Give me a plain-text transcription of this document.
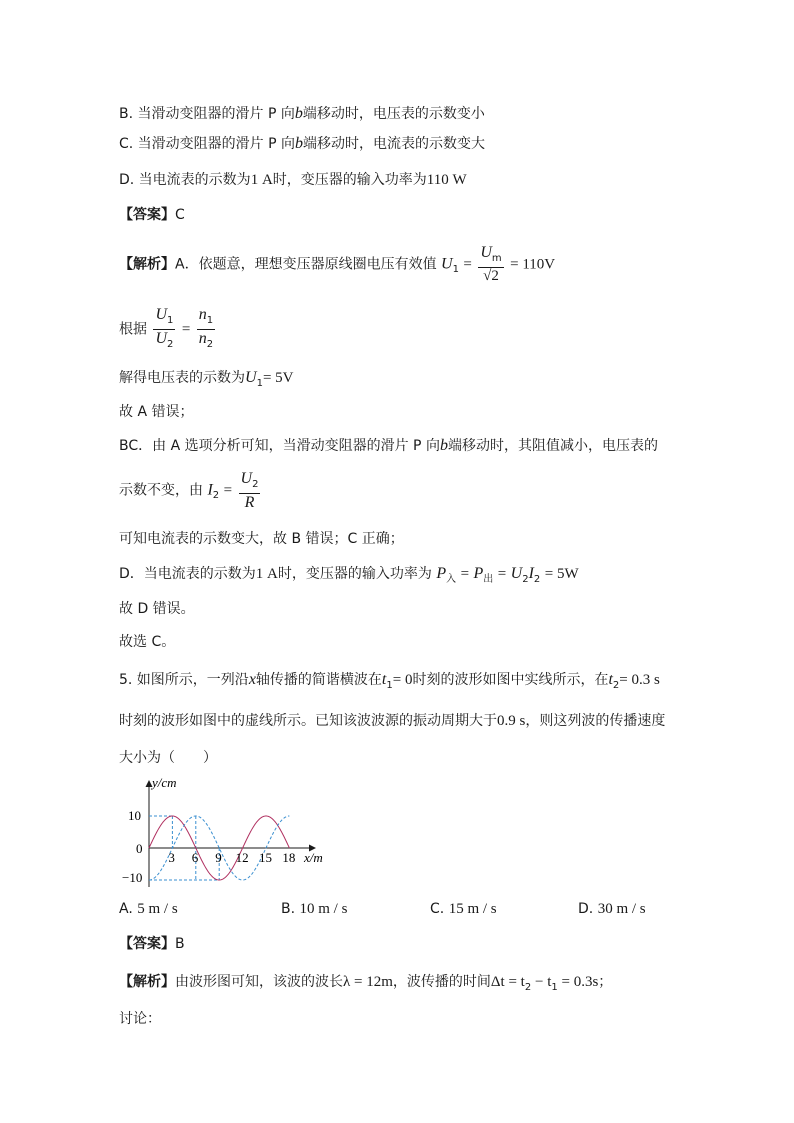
B. 当滑动变阻器的滑片 P 向b端移动时，电压表的示数变小
C. 当滑动变阻器的滑片 P 向b端移动时，电流表的示数变大
D. 当电流表的示数为1 A时，变压器的输入功率为110 W
【答案】C
【解析】A．依题意，理想变压器原线圈电压有效值 $U_1 = \frac{U_m}{√2} = 110V$
根据 $\frac{U_1}{U_2} = \frac{n_1}{n_2}$
解得电压表的示数为$U_1= 5V$
故 A 错误；
BC．由 A 选项分析可知，当滑动变阻器的滑片 P 向b端移动时，其阻值减小，电压表的
示数不变，由 $I_2 = \frac{U_2}{R}$
可知电流表的示数变大，故 B 错误；C 正确；
D．当电流表的示数为1 A时，变压器的输入功率为 $P_入 = P_出 = U_2I_2 = 5W$
故 D 错误。
故选 C。
5. 如图所示，一列沿x轴传播的简谐横波在$t_1= 0$时刻的波形如图中实线所示，在$t_2= 0.3$ s
时刻的波形如图中的虚线所示。已知该波波源的振动周期大于0.9 s，则这列波的传播速度
大小为（　　）
y/cm
x/m
10
0
−10
3 6 9 12 15 18
A. 5 m / s	B. 10 m / s	C. 15 m / s	D. 30 m / s
【答案】B
【解析】由波形图可知，该波的波长λ = 12m，波传播的时间$\Delta t = t_2 - t_1 = 0.3s$；
讨论：
